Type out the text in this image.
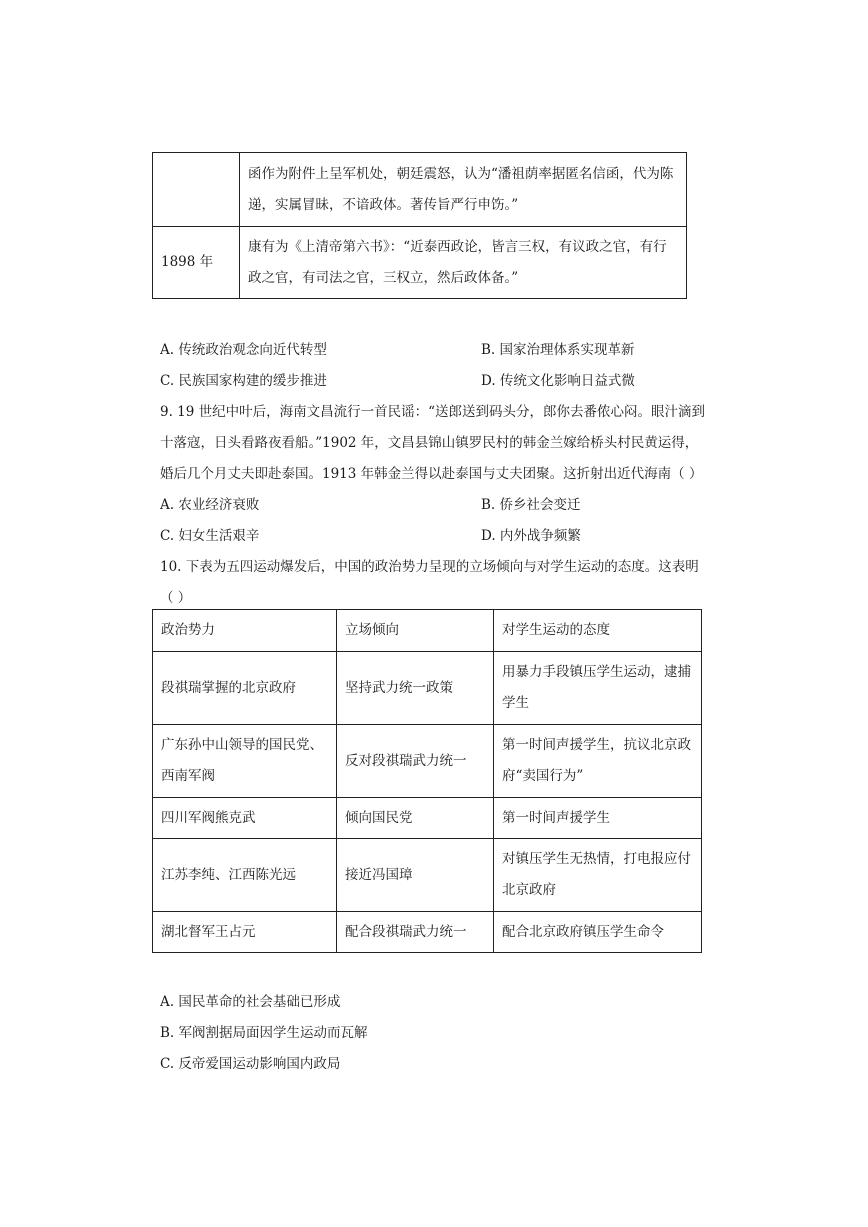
	函作为附件上呈军机处，朝廷震怒，认为“潘祖荫率据匿名信函，代为陈递，实属冒昧，不谙政体。著传旨严行申饬。”
1898 年	康有为《上清帝第六书》：“近泰西政论，皆言三权，有议政之官，有行政之官，有司法之官，三权立，然后政体备。”
A. 传统政治观念向近代转型	B. 国家治理体系实现革新
C. 民族国家构建的缓步推进	D. 传统文化影响日益式微
9. 19 世纪中叶后，海南文昌流行一首民谣：“送郎送到码头分，郎你去番侬心闷。眼汁滴到
十落寇，日头看路夜看船。”1902 年，文昌县锦山镇罗民村的韩金兰嫁给桥头村民黄运得，
婚后几个月丈夫即赴泰国。1913 年韩金兰得以赴泰国与丈夫团聚。这折射出近代海南（ ）
A. 农业经济衰败	B. 侨乡社会变迁
C. 妇女生活艰辛	D. 内外战争频繁
10. 下表为五四运动爆发后，中国的政治势力呈现的立场倾向与对学生运动的态度。这表明
（ ）
政治势力	立场倾向	对学生运动的态度
段祺瑞掌握的北京政府	坚持武力统一政策	用暴力手段镇压学生运动，逮捕学生
广东孙中山领导的国民党、西南军阀	反对段祺瑞武力统一	第一时间声援学生，抗议北京政府“卖国行为”
四川军阀熊克武	倾向国民党	第一时间声援学生
江苏李纯、江西陈光远	接近冯国璋	对镇压学生无热情，打电报应付北京政府
湖北督军王占元	配合段祺瑞武力统一	配合北京政府镇压学生命令
A. 国民革命的社会基础已形成
B. 军阀割据局面因学生运动而瓦解
C. 反帝爱国运动影响国内政局
